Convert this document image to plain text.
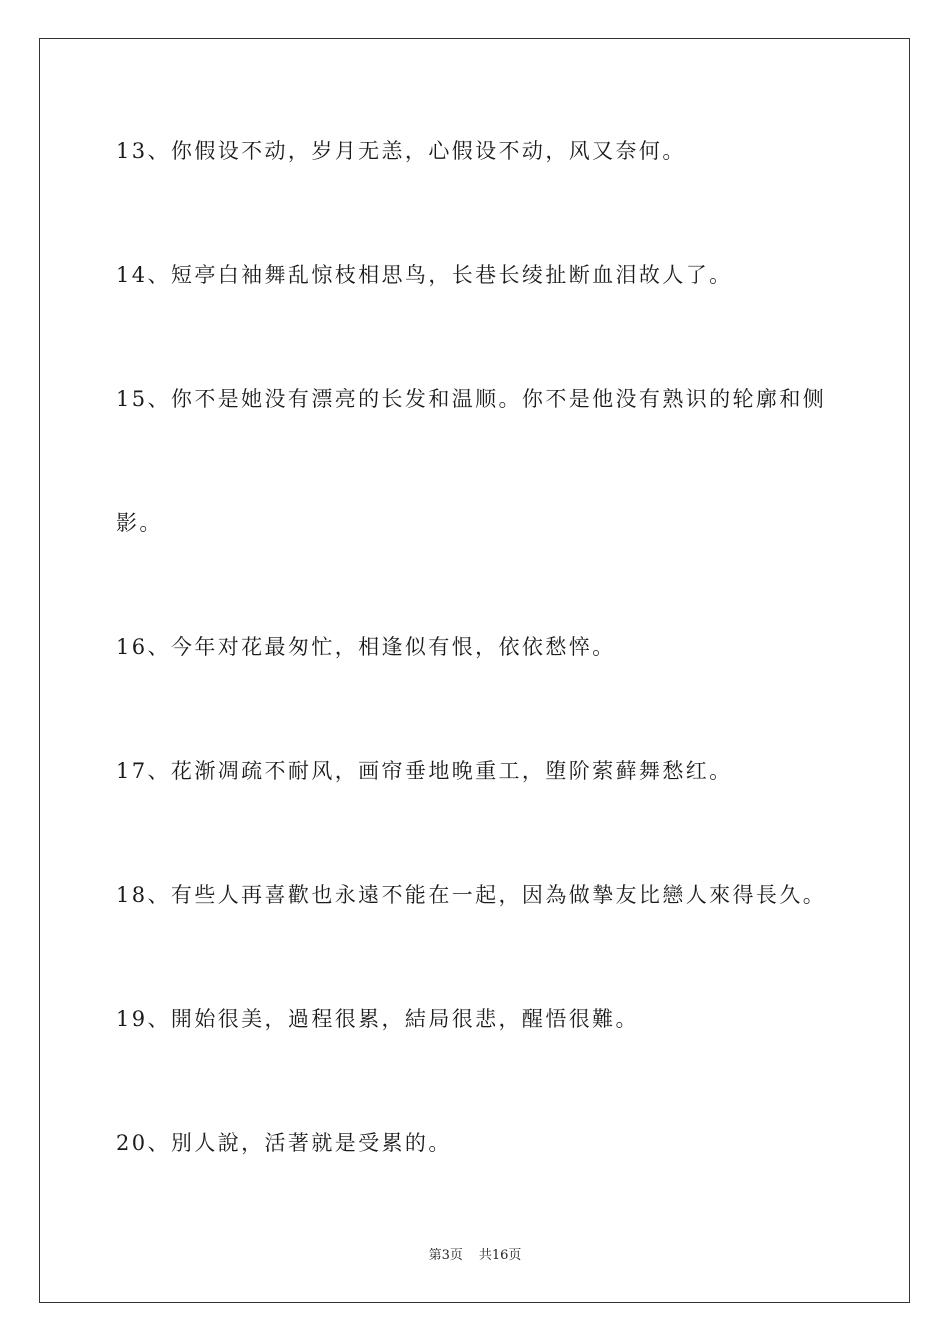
13、你假设不动，岁月无恙，心假设不动，风又奈何。
14、短亭白袖舞乱惊枝相思鸟，长巷长绫扯断血泪故人了。
15、你不是她没有漂亮的长发和温顺。你不是他没有熟识的轮廓和侧
影。
16、今年对花最匆忙，相逢似有恨，依依愁悴。
17、花渐凋疏不耐风，画帘垂地晚重工，堕阶萦藓舞愁红。
18、有些人再喜歡也永遠不能在一起，因為做摯友比戀人來得長久。
19、開始很美，過程很累，結局很悲，醒悟很難。
20、別人說，活著就是受累的。
第3页 共16页
